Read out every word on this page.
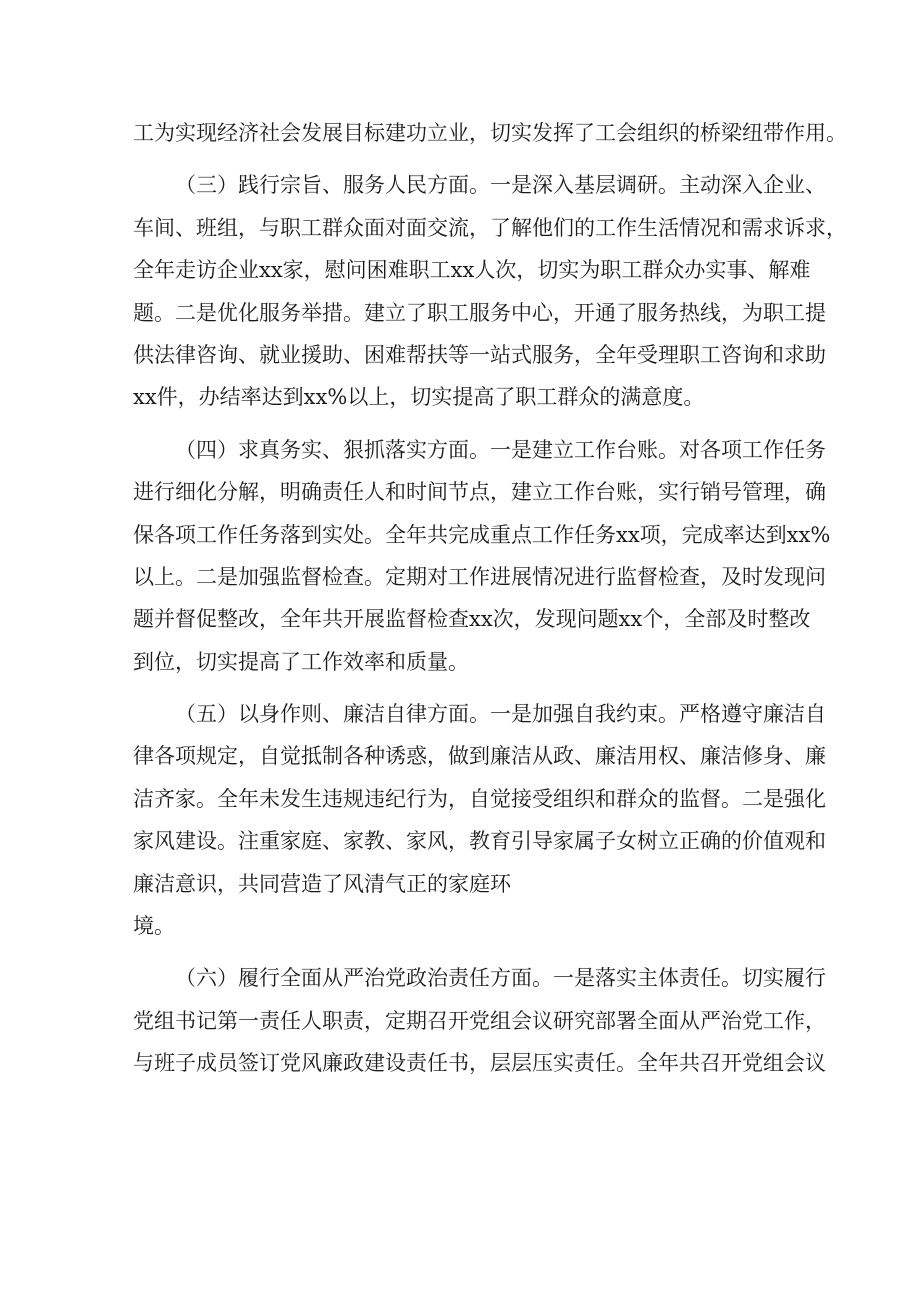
工为实现经济社会发展目标建功立业，切实发挥了工会组织的桥梁纽带作用。
（三）践行宗旨、服务人民方面。一是深入基层调研。主动深入企业、
车间、班组，与职工群众面对面交流，了解他们的工作生活情况和需求诉求，
全年走访企业xx家，慰问困难职工xx人次，切实为职工群众办实事、解难
题。二是优化服务举措。建立了职工服务中心，开通了服务热线，为职工提
供法律咨询、就业援助、困难帮扶等一站式服务，全年受理职工咨询和求助
xx件，办结率达到xx%以上，切实提高了职工群众的满意度。
（四）求真务实、狠抓落实方面。一是建立工作台账。对各项工作任务
进行细化分解，明确责任人和时间节点，建立工作台账，实行销号管理，确
保各项工作任务落到实处。全年共完成重点工作任务xx项，完成率达到xx%
以上。二是加强监督检查。定期对工作进展情况进行监督检查，及时发现问
题并督促整改，全年共开展监督检查xx次，发现问题xx个，全部及时整改
到位，切实提高了工作效率和质量。
（五）以身作则、廉洁自律方面。一是加强自我约束。严格遵守廉洁自
律各项规定，自觉抵制各种诱惑，做到廉洁从政、廉洁用权、廉洁修身、廉
洁齐家。全年未发生违规违纪行为，自觉接受组织和群众的监督。二是强化
家风建设。注重家庭、家教、家风，教育引导家属子女树立正确的价值观和
廉洁意识，共同营造了风清气正的家庭环
境。
（六）履行全面从严治党政治责任方面。一是落实主体责任。切实履行
党组书记第一责任人职责，定期召开党组会议研究部署全面从严治党工作，
与班子成员签订党风廉政建设责任书，层层压实责任。全年共召开党组会议
